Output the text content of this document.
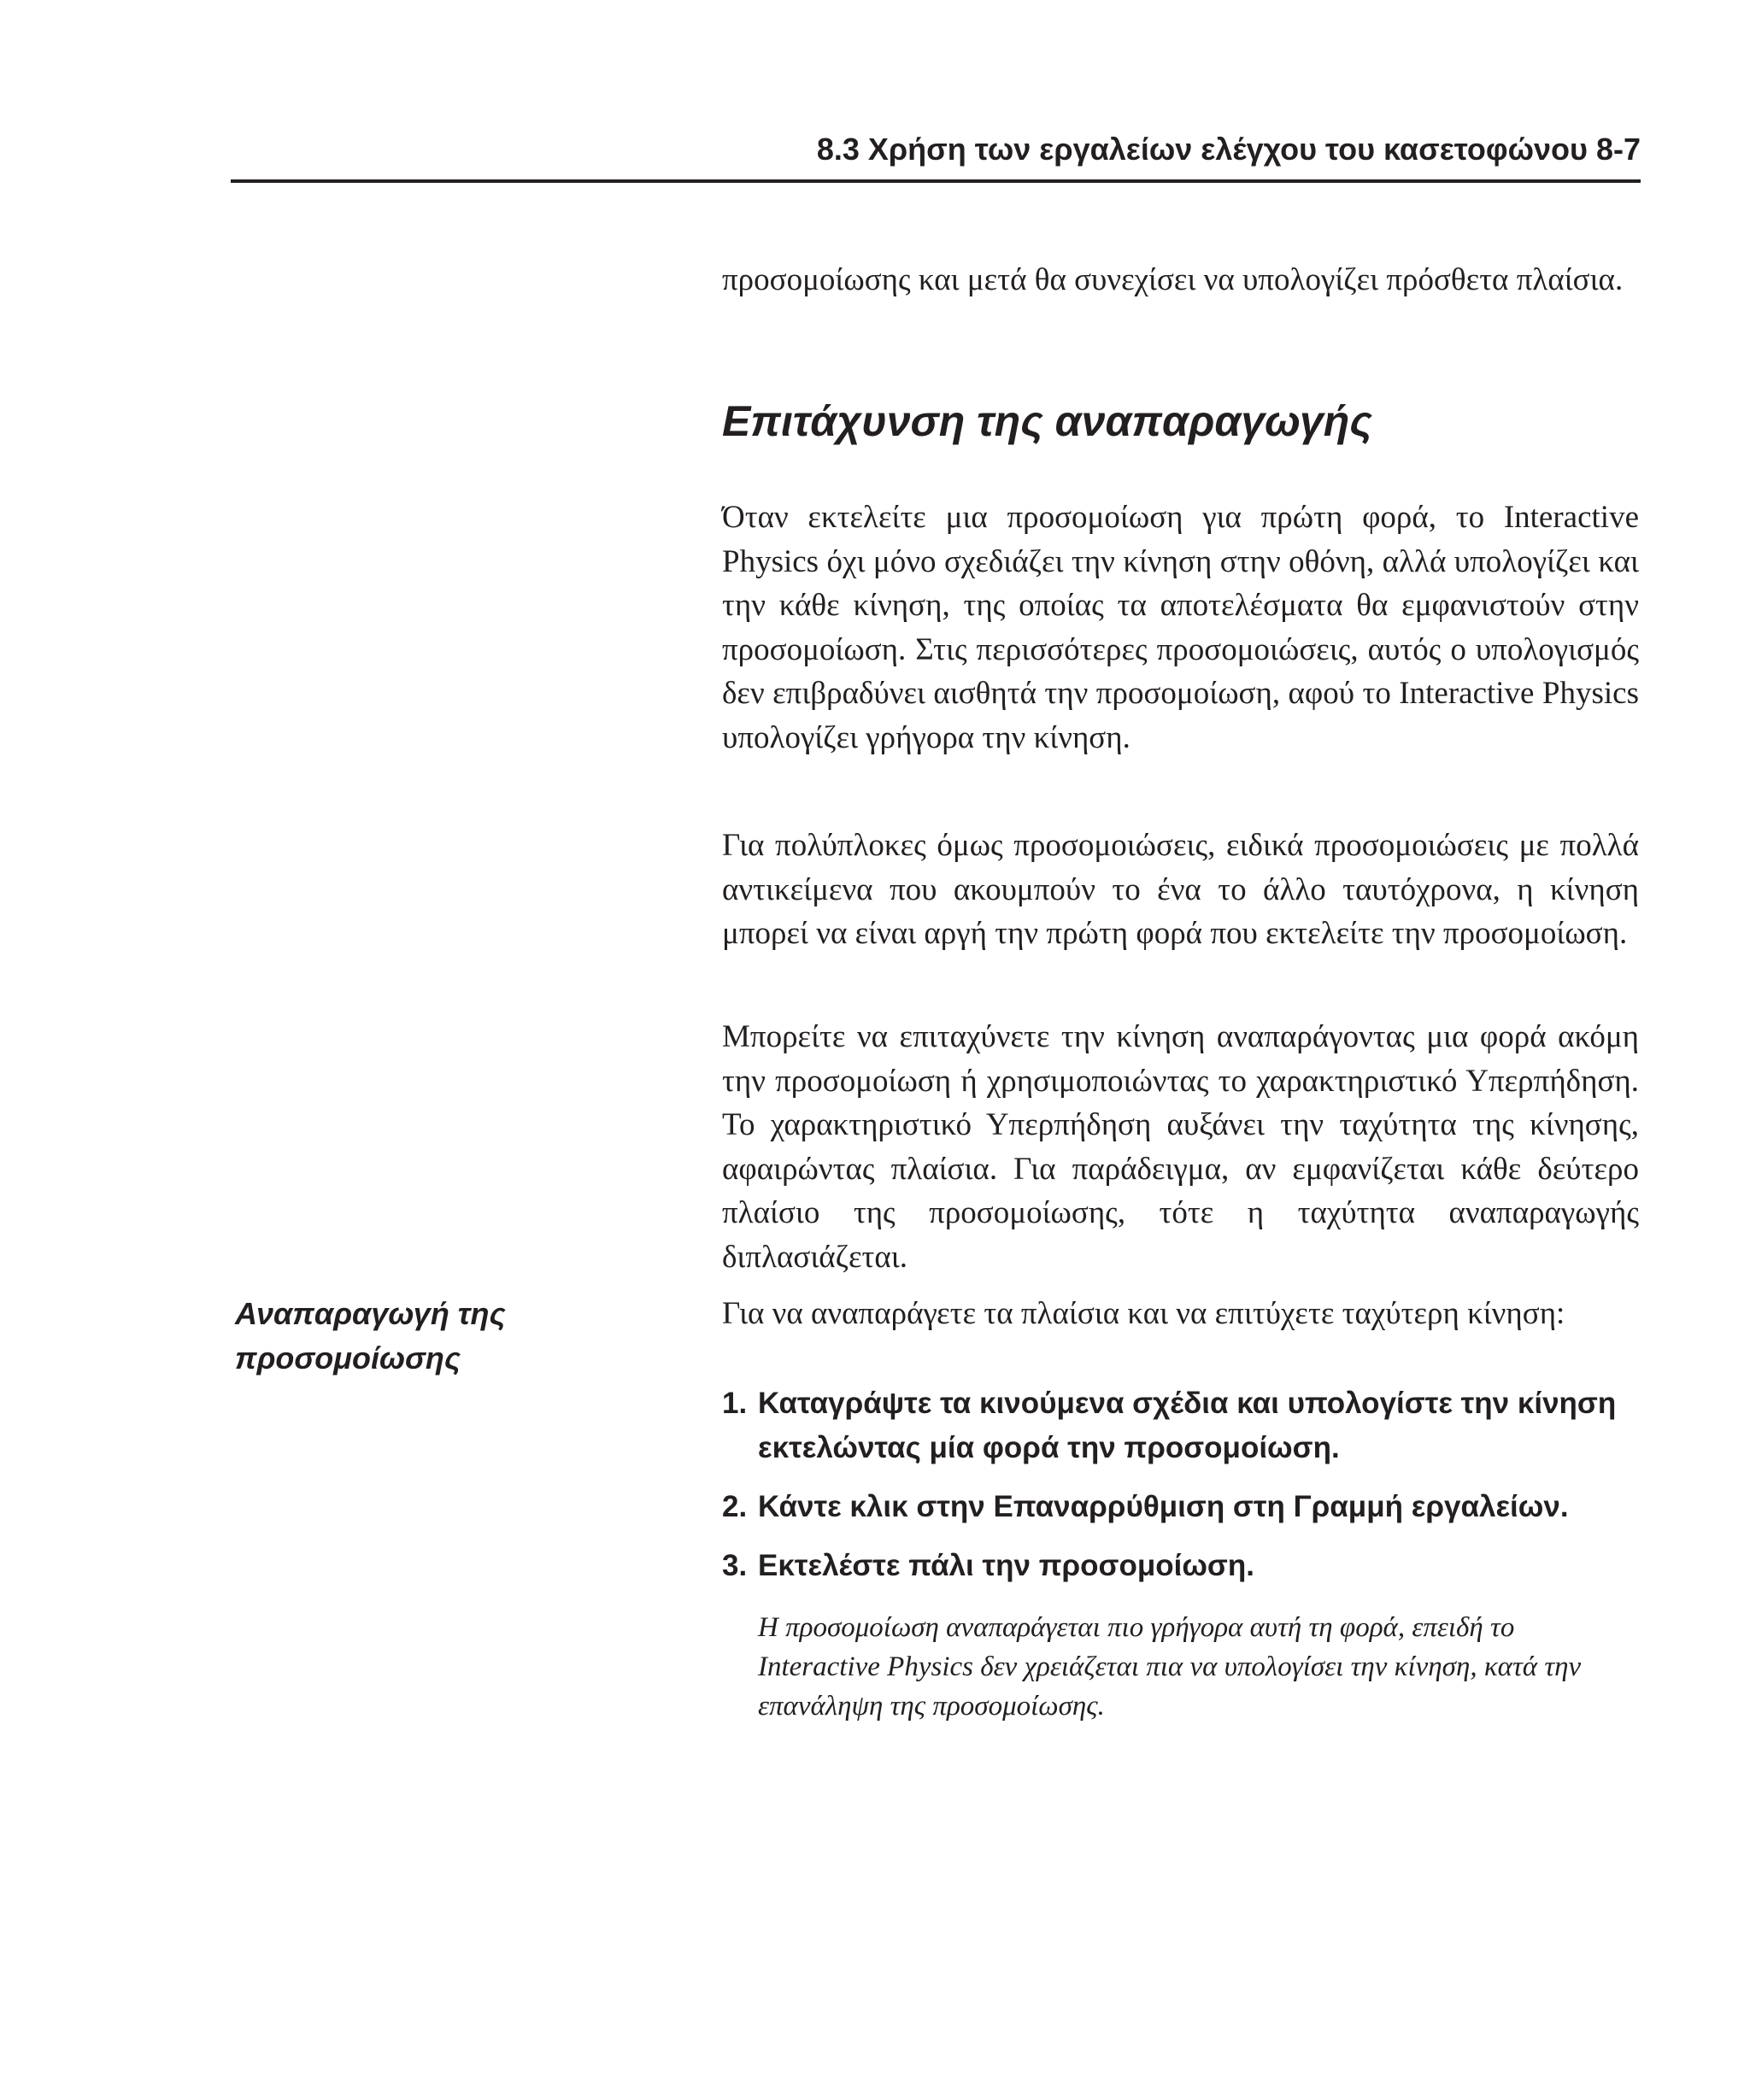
8.3 Χρήση των εργαλείων ελέγχου του κασετοφώνου 8-7

προσομοίωσης και μετά θα συνεχίσει να υπολογίζει πρόσθετα πλαίσια.

Επιτάχυνση της αναπαραγωγής

Όταν εκτελείτε μια προσομοίωση για πρώτη φορά, το Interactive Physics όχι μόνο σχεδιάζει την κίνηση στην οθόνη, αλλά υπολογίζει και την κάθε κίνηση, της οποίας τα αποτελέσματα θα εμφανιστούν στην προσομοίωση. Στις περισσότερες προσομοιώσεις, αυτός ο υπολογισμός δεν επιβραδύνει αισθητά την προσομοίωση, αφού το Interactive Physics υπολογίζει γρήγορα την κίνηση.

Για πολύπλοκες όμως προσομοιώσεις, ειδικά προσομοιώσεις με πολλά αντικείμενα που ακουμπούν το ένα το άλλο ταυτόχρονα, η κίνηση μπορεί να είναι αργή την πρώτη φορά που εκτελείτε την προσομοίωση.

Μπορείτε να επιταχύνετε την κίνηση αναπαράγοντας μια φορά ακόμη την προσομοίωση ή χρησιμοποιώντας το χαρακτηριστικό Υπερπήδηση. Το χαρακτηριστικό Υπερπήδηση αυξάνει την ταχύτητα της κίνησης, αφαιρώντας πλαίσια. Για παράδειγμα, αν εμφανίζεται κάθε δεύτερο πλαίσιο της προσομοίωσης, τότε η ταχύτητα αναπαραγωγής διπλασιάζεται.

Για να αναπαράγετε τα πλαίσια και να επιτύχετε ταχύτερη κίνηση:

Αναπαραγωγή της προσομοίωσης
1. Καταγράψτε τα κινούμενα σχέδια και υπολογίστε την κίνηση εκτελώντας μία φορά την προσομοίωση.
2. Κάντε κλικ στην Επαναρρύθμιση στη Γραμμή εργαλείων.
3. Εκτελέστε πάλι την προσομοίωση.

Η προσομοίωση αναπαράγεται πιο γρήγορα αυτή τη φορά, επειδή το Interactive Physics δεν χρειάζεται πια να υπολογίσει την κίνηση, κατά την επανάληψη της προσομοίωσης.
